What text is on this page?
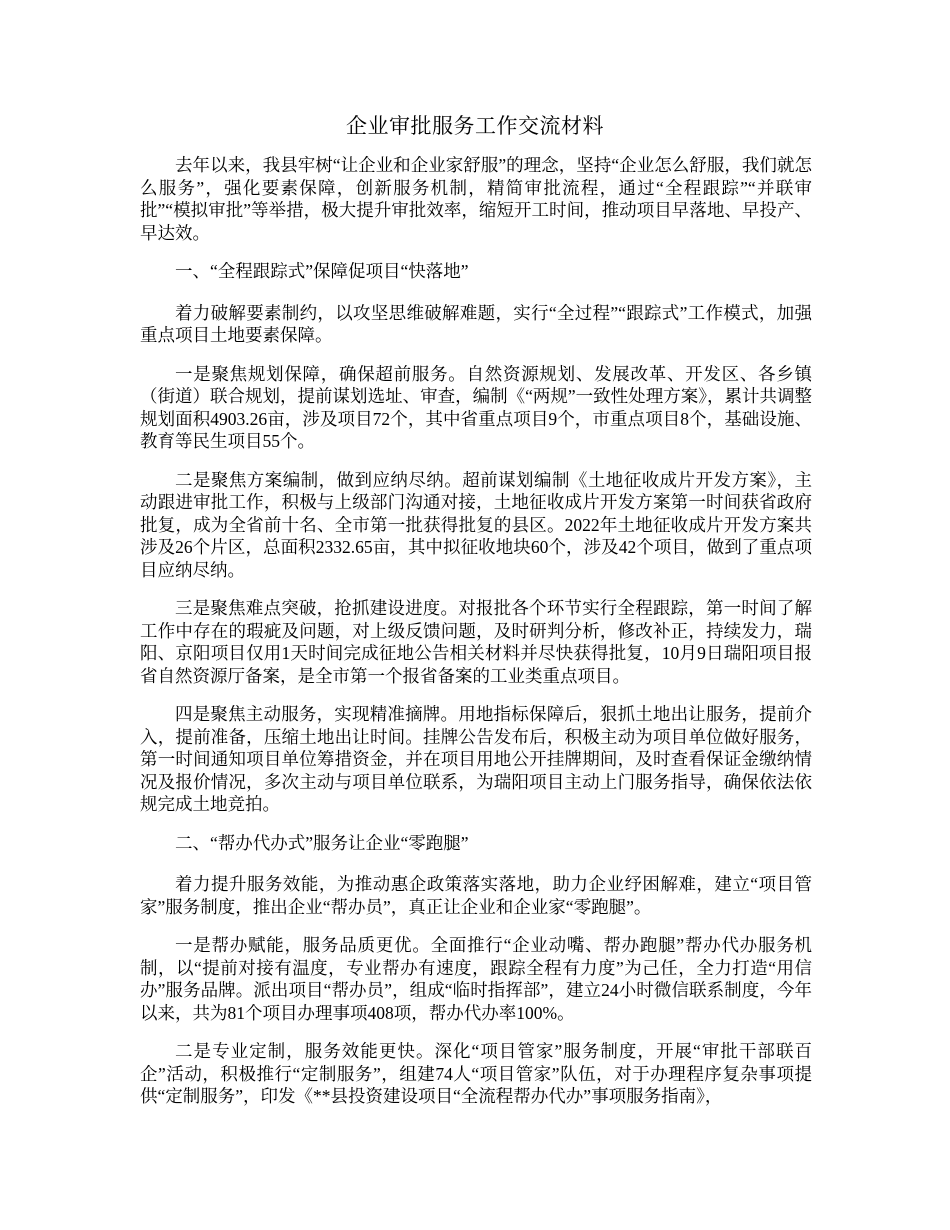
企业审批服务工作交流材料

去年以来，我县牢树“让企业和企业家舒服”的理念，坚持“企业怎么舒服，我们就怎么服务”，强化要素保障，创新服务机制，精简审批流程，通过“全程跟踪”“并联审批”“模拟审批”等举措，极大提升审批效率，缩短开工时间，推动项目早落地、早投产、早达效。

一、“全程跟踪式”保障促项目“快落地”

着力破解要素制约，以攻坚思维破解难题，实行“全过程”“跟踪式”工作模式，加强重点项目土地要素保障。

一是聚焦规划保障，确保超前服务。自然资源规划、发展改革、开发区、各乡镇（街道）联合规划，提前谋划选址、审查，编制《“两规”一致性处理方案》，累计共调整规划面积4903.26亩，涉及项目72个，其中省重点项目9个，市重点项目8个，基础设施、教育等民生项目55个。

二是聚焦方案编制，做到应纳尽纳。超前谋划编制《土地征收成片开发方案》，主动跟进审批工作，积极与上级部门沟通对接，土地征收成片开发方案第一时间获省政府批复，成为全省前十名、全市第一批获得批复的县区。2022年土地征收成片开发方案共涉及26个片区，总面积2332.65亩，其中拟征收地块60个，涉及42个项目，做到了重点项目应纳尽纳。

三是聚焦难点突破，抢抓建设进度。对报批各个环节实行全程跟踪，第一时间了解工作中存在的瑕疵及问题，对上级反馈问题，及时研判分析，修改补正，持续发力，瑞阳、京阳项目仅用1天时间完成征地公告相关材料并尽快获得批复，10月9日瑞阳项目报省自然资源厅备案，是全市第一个报省备案的工业类重点项目。

四是聚焦主动服务，实现精准摘牌。用地指标保障后，狠抓土地出让服务，提前介入，提前准备，压缩土地出让时间。挂牌公告发布后，积极主动为项目单位做好服务，第一时间通知项目单位筹措资金，并在项目用地公开挂牌期间，及时查看保证金缴纳情况及报价情况，多次主动与项目单位联系，为瑞阳项目主动上门服务指导，确保依法依规完成土地竞拍。

二、“帮办代办式”服务让企业“零跑腿”

着力提升服务效能，为推动惠企政策落实落地，助力企业纾困解难，建立“项目管家”服务制度，推出企业“帮办员”，真正让企业和企业家“零跑腿”。

一是帮办赋能，服务品质更优。全面推行“企业动嘴、帮办跑腿”帮办代办服务机制，以“提前对接有温度，专业帮办有速度，跟踪全程有力度”为己任，全力打造“用信办”服务品牌。派出项目“帮办员”，组成“临时指挥部”，建立24小时微信联系制度，今年以来，共为81个项目办理事项408项，帮办代办率100%。

二是专业定制，服务效能更快。深化“项目管家”服务制度，开展“审批干部联百企”活动，积极推行“定制服务”，组建74人“项目管家”队伍，对于办理程序复杂事项提供“定制服务”，印发《**县投资建设项目“全流程帮办代办”事项服务指南》，
